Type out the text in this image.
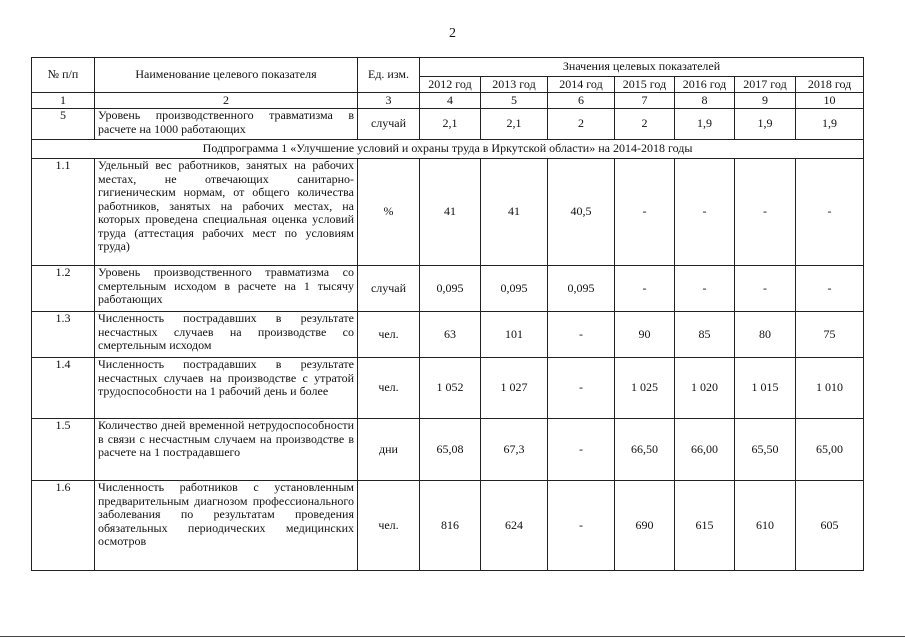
2
№ п/п	Наименование целевого показателя	Ед. изм.	Значения целевых показателей						
			2012 год	2013 год	2014 год	2015 год	2016 год	2017 год	2018 год
1	2	3	4	5	6	7	8	9	10
5	Уровень производственного травматизма в расчете на 1000 работающих	случай	2,1	2,1	2	2	1,9	1,9	1,9
Подпрограмма 1 «Улучшение условий и охраны труда в Иркутской области» на 2014-2018 годы									
1.1	Удельный вес работников, занятых на рабочих местах, не отвечающих санитарно-гигиеническим нормам, от общего количества работников, занятых на рабочих местах, на которых проведена специальная оценка условий труда (аттестация рабочих мест по условиям труда)	%	41	41	40,5	-	-	-	-
1.2	Уровень производственного травматизма со смертельным исходом в расчете на 1 тысячу работающих	случай	0,095	0,095	0,095	-	-	-	-
1.3	Численность пострадавших в результате несчастных случаев на производстве со смертельным исходом	чел.	63	101	-	90	85	80	75
1.4	Численность пострадавших в результате несчастных случаев на производстве с утратой трудоспособности на 1 рабочий день и более	чел.	1 052	1 027	-	1 025	1 020	1 015	1 010
1.5	Количество дней временной нетрудоспособности в связи с несчастным случаем на производстве в расчете на 1 пострадавшего	дни	65,08	67,3	-	66,50	66,00	65,50	65,00
1.6	Численность работников с установленным предварительным диагнозом профессионального заболевания по результатам проведения обязательных периодических медицинских осмотров	чел.	816	624	-	690	615	610	605
